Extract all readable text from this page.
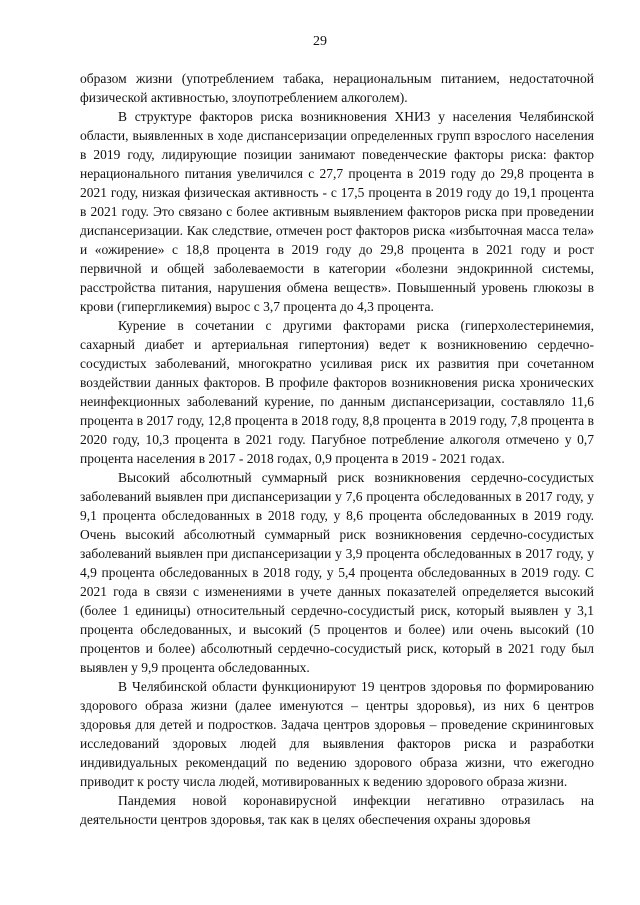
29

образом жизни (употреблением табака, нерациональным питанием, недостаточной физической активностью, злоупотреблением алкоголем).

В структуре факторов риска возникновения ХНИЗ у населения Челябинской области, выявленных в ходе диспансеризации определенных групп взрослого населения в 2019 году, лидирующие позиции занимают поведенческие факторы риска: фактор нерационального питания увеличился с 27,7 процента в 2019 году до 29,8 процента в 2021 году, низкая физическая активность - с 17,5 процента в 2019 году до 19,1 процента в 2021 году. Это связано с более активным выявлением факторов риска при проведении диспансеризации. Как следствие, отмечен рост факторов риска «избыточная масса тела» и «ожирение» с 18,8 процента в 2019 году до 29,8 процента в 2021 году и рост первичной и общей заболеваемости в категории «болезни эндокринной системы, расстройства питания, нарушения обмена веществ». Повышенный уровень глюкозы в крови (гипергликемия) вырос с 3,7 процента до 4,3 процента.

Курение в сочетании с другими факторами риска (гиперхолестеринемия, сахарный диабет и артериальная гипертония) ведет к возникновению сердечно-сосудистых заболеваний, многократно усиливая риск их развития при сочетанном воздействии данных факторов. В профиле факторов возникновения риска хронических неинфекционных заболеваний курение, по данным диспансеризации, составляло 11,6 процента в 2017 году, 12,8 процента в 2018 году, 8,8 процента в 2019 году, 7,8 процента в 2020 году, 10,3 процента в 2021 году. Пагубное потребление алкоголя отмечено у 0,7 процента населения в 2017 - 2018 годах, 0,9 процента в 2019 - 2021 годах.

Высокий абсолютный суммарный риск возникновения сердечно-сосудистых заболеваний выявлен при диспансеризации у 7,6 процента обследованных в 2017 году, у 9,1 процента обследованных в 2018 году, у 8,6 процента обследованных в 2019 году. Очень высокий абсолютный суммарный риск возникновения сердечно-сосудистых заболеваний выявлен при диспансеризации у 3,9 процента обследованных в 2017 году, у 4,9 процента обследованных в 2018 году, у 5,4 процента обследованных в 2019 году. С 2021 года в связи с изменениями в учете данных показателей определяется высокий (более 1 единицы) относительный сердечно-сосудистый риск, который выявлен у 3,1 процента обследованных, и высокий (5 процентов и более) или очень высокий (10 процентов и более) абсолютный сердечно-сосудистый риск, который в 2021 году был выявлен у 9,9 процента обследованных.

В Челябинской области функционируют 19 центров здоровья по формированию здорового образа жизни (далее именуются – центры здоровья), из них 6 центров здоровья для детей и подростков. Задача центров здоровья – проведение скрининговых исследований здоровых людей для выявления факторов риска и разработки индивидуальных рекомендаций по ведению здорового образа жизни, что ежегодно приводит к росту числа людей, мотивированных к ведению здорового образа жизни.

Пандемия новой коронавирусной инфекции негативно отразилась на деятельности центров здоровья, так как в целях обеспечения охраны здоровья
